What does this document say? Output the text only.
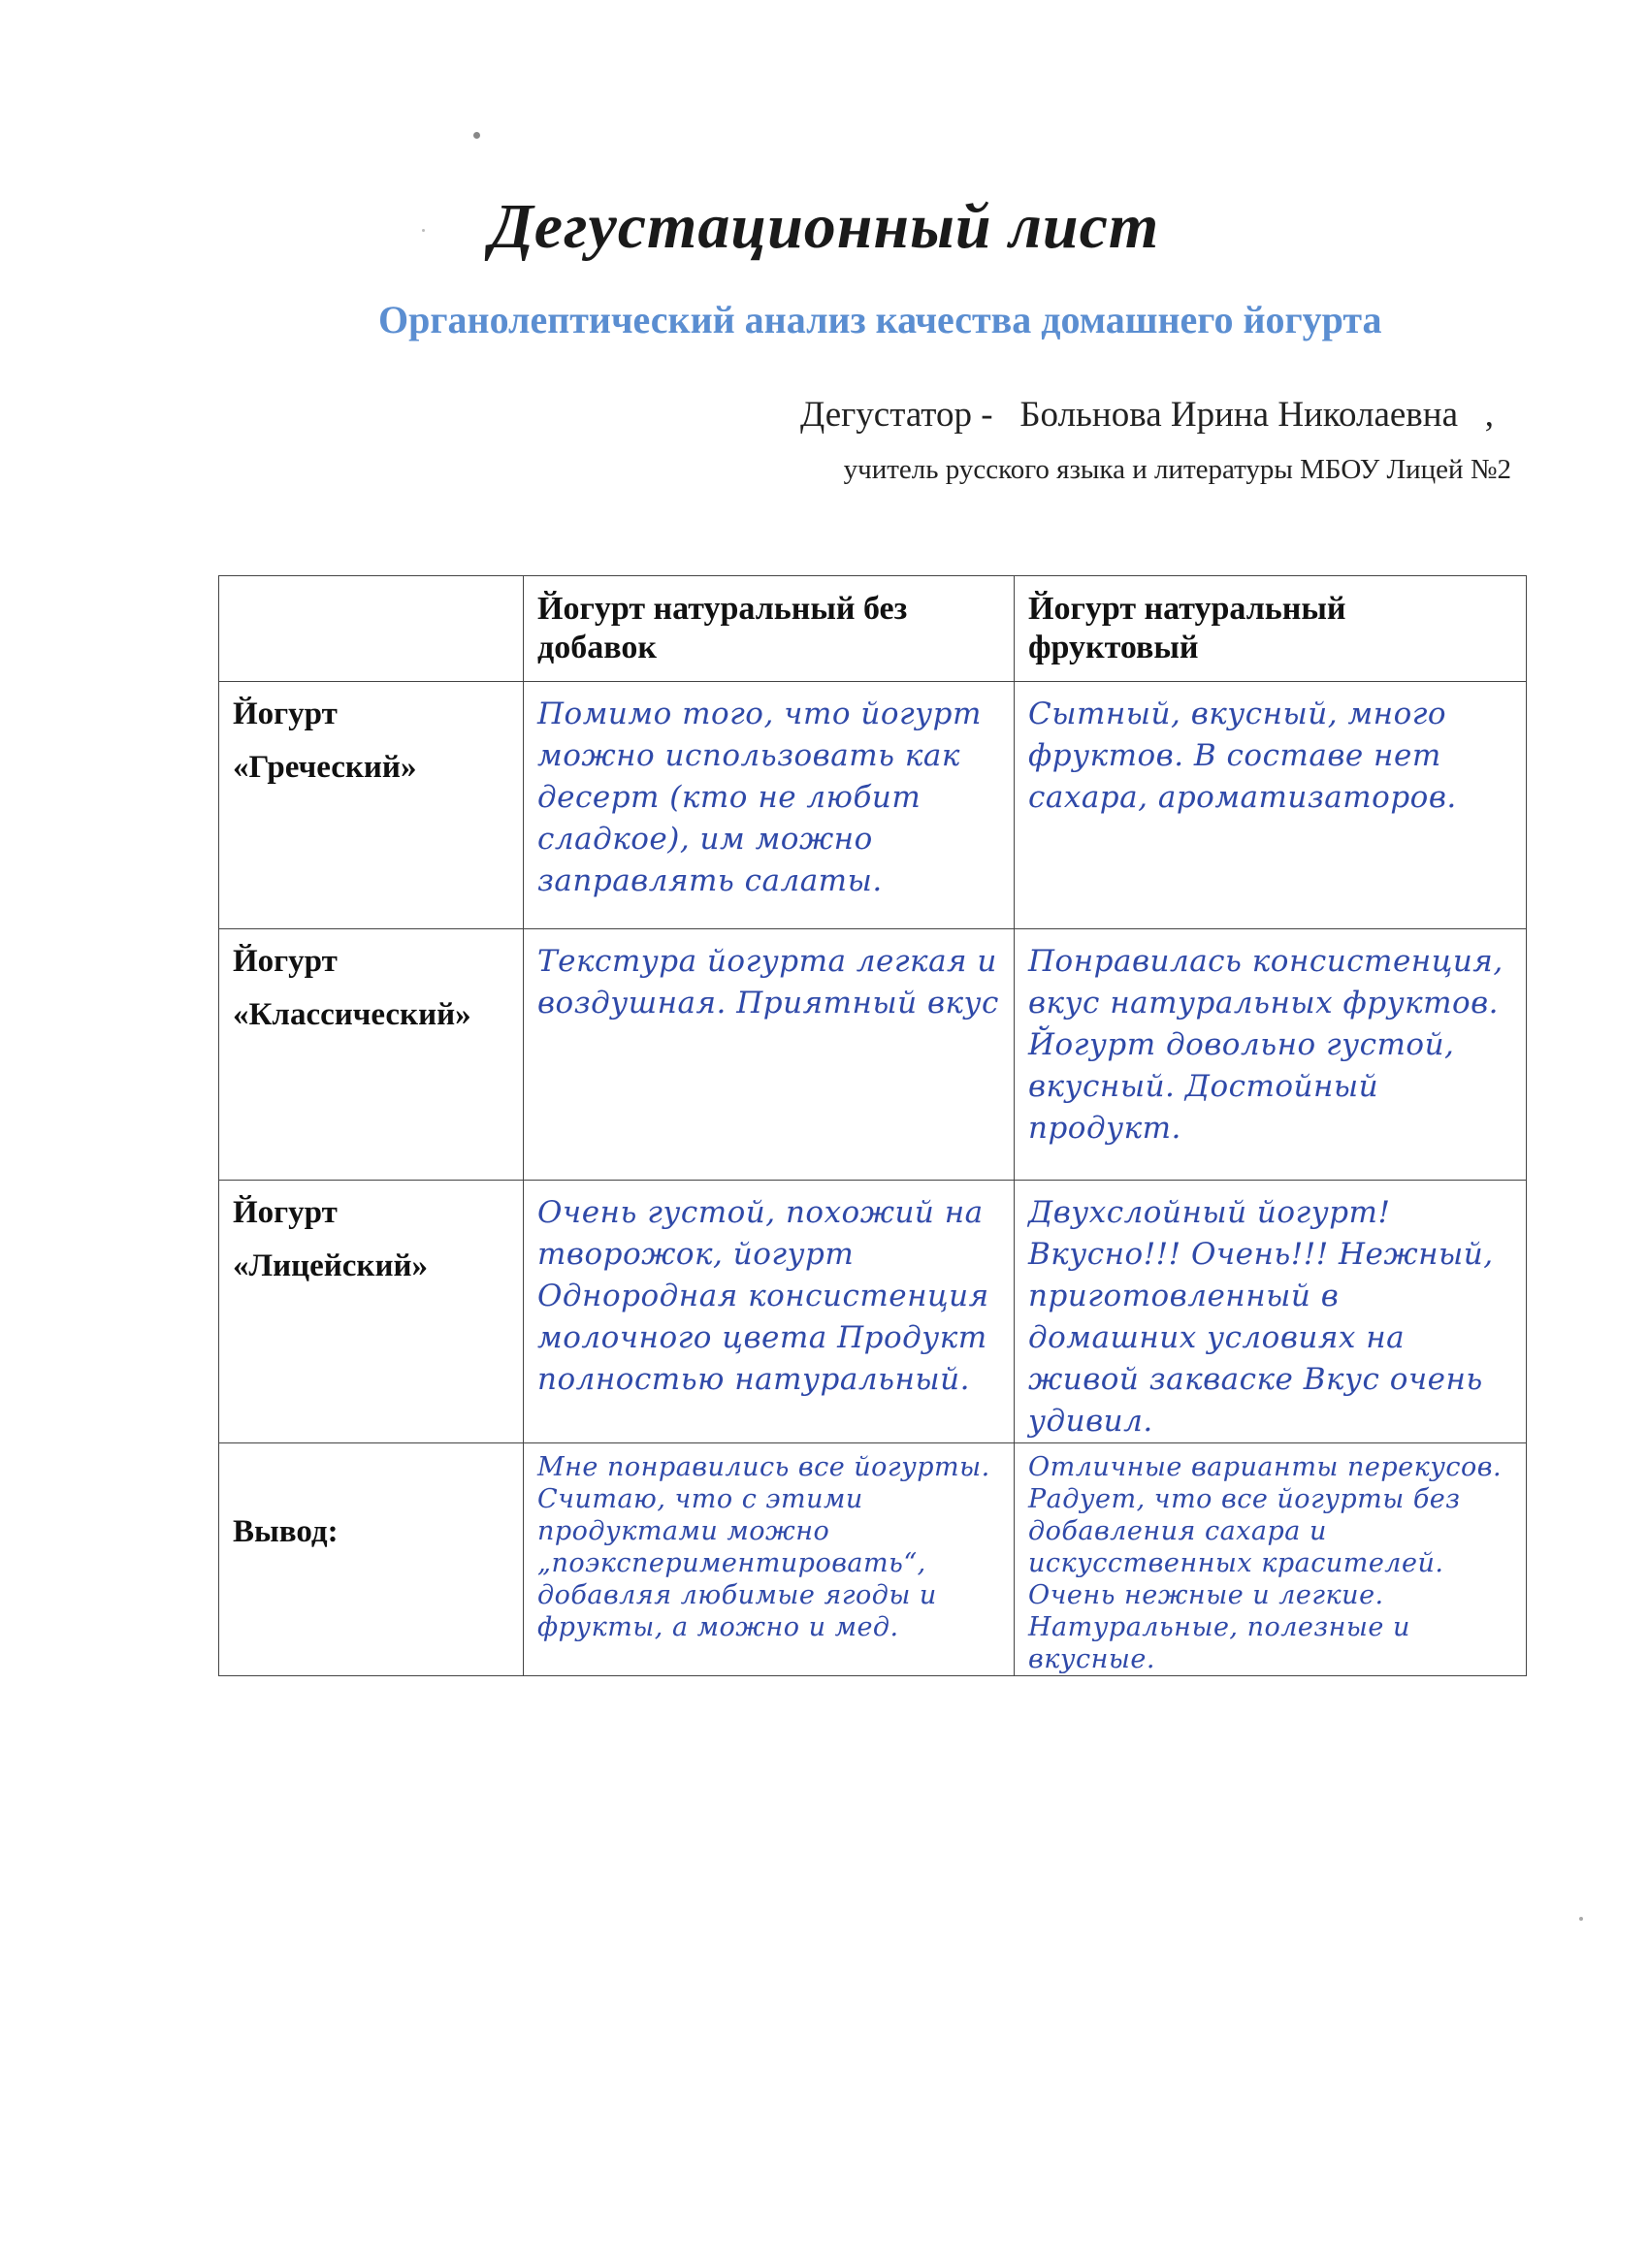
Дегустационный лист
Органолептический анализ качества домашнего йогурта
Дегустатор - Больнова Ирина Николаевна ,
учитель русского языка и литературы МБОУ Лицей №2

	Йогурт натуральный без добавок	Йогурт натуральный фруктовый

Йогурт «Греческий»	Помимо того, что йогурт можно использовать как десерт (кто не любит сладкое), им можно заправлять салаты.	Сытный, вкусный, много фруктов. В составе нет сахара, ароматизаторов.

Йогурт «Классический»	Текстура йогурта легкая и воздушная. Приятный вкус	Понравилась консистенция, вкус натуральных фруктов. Йогурт довольно густой, вкусный. Достойный продукт.

Йогурт «Лицейский»	Очень густой, похожий на творожок, йогурт Однородная консистенция молочного цвета Продукт полностью натуральный.	Двухслойный йогурт! Вкусно!!! Очень!!! Нежный, приготовленный в домашних условиях на живой закваске Вкус очень удивил.

Вывод:	Мне понравились все йогурты. Считаю, что с этими продуктами можно „поэкспериментировать“, добавляя любимые ягоды и фрукты, а можно и мед.	Отличные варианты перекусов. Радует, что все йогурты без добавления сахара и искусственных красителей. Очень нежные и легкие. Натуральные, полезные и вкусные.
